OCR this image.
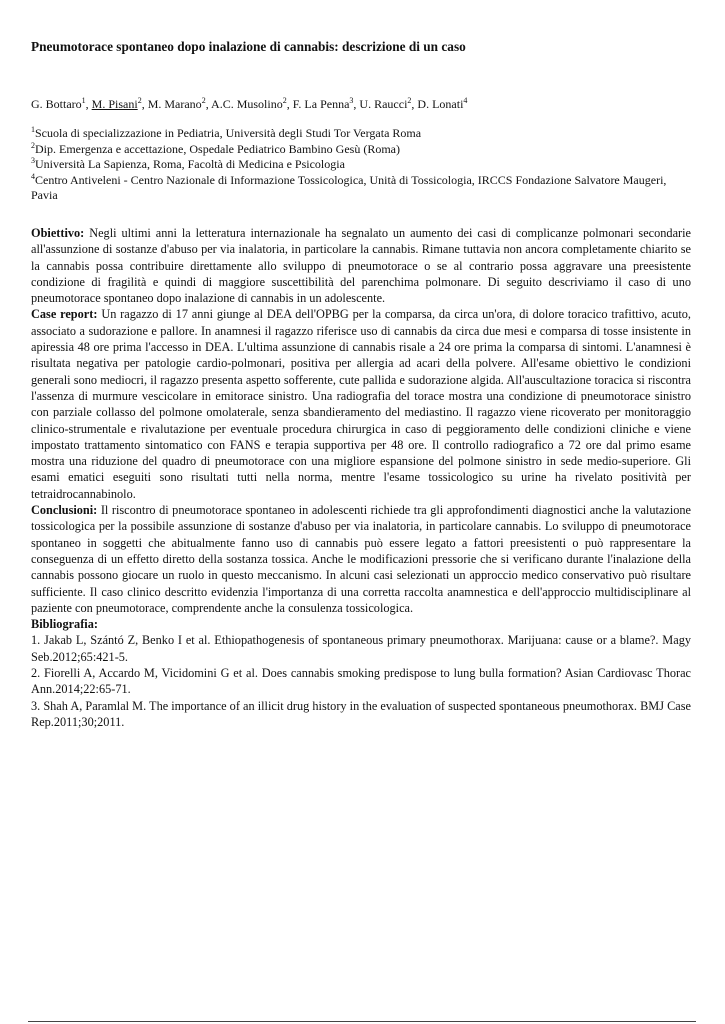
Pneumotorace spontaneo dopo inalazione di cannabis: descrizione di un caso
G. Bottaro$^1$, M. Pisani$^2$, M. Marano$^2$, A.C. Musolino$^2$, F. La Penna$^3$, U. Raucci$^2$, D. Lonati$^4$
$^1$Scuola di specializzazione in Pediatria, Università degli Studi Tor Vergata Roma
$^2$Dip. Emergenza e accettazione, Ospedale Pediatrico Bambino Gesù (Roma)
$^3$Università La Sapienza, Roma, Facoltà di Medicina e Psicologia
$^4$Centro Antiveleni - Centro Nazionale di Informazione Tossicologica, Unità di Tossicologia, IRCCS Fondazione Salvatore Maugeri, Pavia

Obiettivo: Negli ultimi anni la letteratura internazionale ha segnalato un aumento dei casi di complicanze polmonari secondarie all'assunzione di sostanze d'abuso per via inalatoria, in particolare la cannabis. Rimane tuttavia non ancora completamente chiarito se la cannabis possa contribuire direttamente allo sviluppo di pneumotorace o se al contrario possa aggravare una preesistente condizione di fragilità e quindi di maggiore suscettibilità del parenchima polmonare. Di seguito descriviamo il caso di uno pneumotorace spontaneo dopo inalazione di cannabis in un adolescente.

Case report: Un ragazzo di 17 anni giunge al DEA dell'OPBG per la comparsa, da circa un'ora, di dolore toracico trafittivo, acuto, associato a sudorazione e pallore. In anamnesi il ragazzo riferisce uso di cannabis da circa due mesi e comparsa di tosse insistente in apiressia 48 ore prima l'accesso in DEA. L'ultima assunzione di cannabis risale a 24 ore prima la comparsa di sintomi. L'anamnesi è risultata negativa per patologie cardio-polmonari, positiva per allergia ad acari della polvere. All'esame obiettivo le condizioni generali sono mediocri, il ragazzo presenta aspetto sofferente, cute pallida e sudorazione algida. All'auscultazione toracica si riscontra l'assenza di murmure vescicolare in emitorace sinistro. Una radiografia del torace mostra una condizione di pneumotorace sinistro con parziale collasso del polmone omolaterale, senza sbandieramento del mediastino. Il ragazzo viene ricoverato per monitoraggio clinico-strumentale e rivalutazione per eventuale procedura chirurgica in caso di peggioramento delle condizioni cliniche e viene impostato trattamento sintomatico con FANS e terapia supportiva per 48 ore. Il controllo radiografico a 72 ore dal primo esame mostra una riduzione del quadro di pneumotorace con una migliore espansione del polmone sinistro in sede medio-superiore. Gli esami ematici eseguiti sono risultati tutti nella norma, mentre l'esame tossicologico su urine ha rivelato positività per tetraidrocannabinolo.

Conclusioni: Il riscontro di pneumotorace spontaneo in adolescenti richiede tra gli approfondimenti diagnostici anche la valutazione tossicologica per la possibile assunzione di sostanze d'abuso per via inalatoria, in particolare cannabis. Lo sviluppo di pneumotorace spontaneo in soggetti che abitualmente fanno uso di cannabis può essere legato a fattori preesistenti o può rappresentare la conseguenza di un effetto diretto della sostanza tossica. Anche le modificazioni pressorie che si verificano durante l'inalazione della cannabis possono giocare un ruolo in questo meccanismo. In alcuni casi selezionati un approccio medico conservativo può risultare sufficiente. Il caso clinico descritto evidenzia l'importanza di una corretta raccolta anamnestica e dell'approccio multidisciplinare al paziente con pneumotorace, comprendente anche la consulenza tossicologica.

Bibliografia:

1. Jakab L, Szántó Z, Benko I et al. Ethiopathogenesis of spontaneous primary pneumothorax. Marijuana: cause or a blame?. Magy Seb.2012;65:421-5.

2. Fiorelli A, Accardo M, Vicidomini G et al. Does cannabis smoking predispose to lung bulla formation? Asian Cardiovasc Thorac Ann.2014;22:65-71.

3. Shah A, Paramlal M. The importance of an illicit drug history in the evaluation of suspected spontaneous pneumothorax. BMJ Case Rep.2011;30;2011.
